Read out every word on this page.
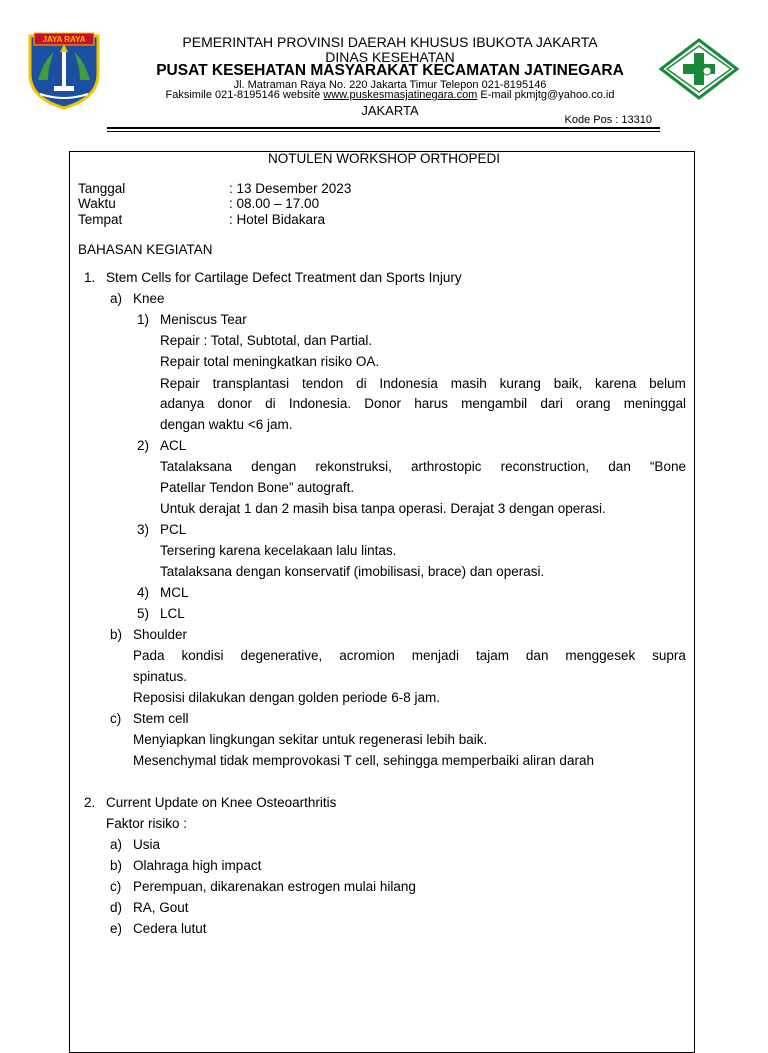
JAYA RAYA	PEMERINTAH PROVINSI DAERAH KHUSUS IBUKOTA JAKARTA
DINAS KESEHATAN
PUSAT KESEHATAN MASYARAKAT KECAMATAN JATINEGARA
Jl. Matraman Raya No. 220 Jakarta Timur Telepon 021-8195146
Faksimile 021-8195146 website www.puskesmasjatinegara.com E-mail pkmjtg@yahoo.co.id
JAKARTA
Kode Pos : 13310
NOTULEN WORKSHOP ORTHOPEDI
Tanggal	: 13 Desember 2023
Waktu	: 08.00 – 17.00
Tempat	: Hotel Bidakara
BAHASAN KEGIATAN
1. Stem Cells for Cartilage Defect Treatment dan Sports Injury
a) Knee
1) Meniscus Tear
Repair : Total, Subtotal, dan Partial.
Repair total meningkatkan risiko OA.
Repair transplantasi tendon di Indonesia masih kurang baik, karena belum
adanya donor di Indonesia. Donor harus mengambil dari orang meninggal
dengan waktu <6 jam.
2) ACL
Tatalaksana dengan rekonstruksi, arthrostopic reconstruction, dan “Bone
Patellar Tendon Bone” autograft.
Untuk derajat 1 dan 2 masih bisa tanpa operasi. Derajat 3 dengan operasi.
3) PCL
Tersering karena kecelakaan lalu lintas.
Tatalaksana dengan konservatif (imobilisasi, brace) dan operasi.
4) MCL
5) LCL
b) Shoulder
Pada kondisi degenerative, acromion menjadi tajam dan menggesek supra
spinatus.
Reposisi dilakukan dengan golden periode 6-8 jam.
c) Stem cell
Menyiapkan lingkungan sekitar untuk regenerasi lebih baik.
Mesenchymal tidak memprovokasi T cell, sehingga memperbaiki aliran darah
2. Current Update on Knee Osteoarthritis
Faktor risiko :
a) Usia
b) Olahraga high impact
c) Perempuan, dikarenakan estrogen mulai hilang
d) RA, Gout
e) Cedera lutut
